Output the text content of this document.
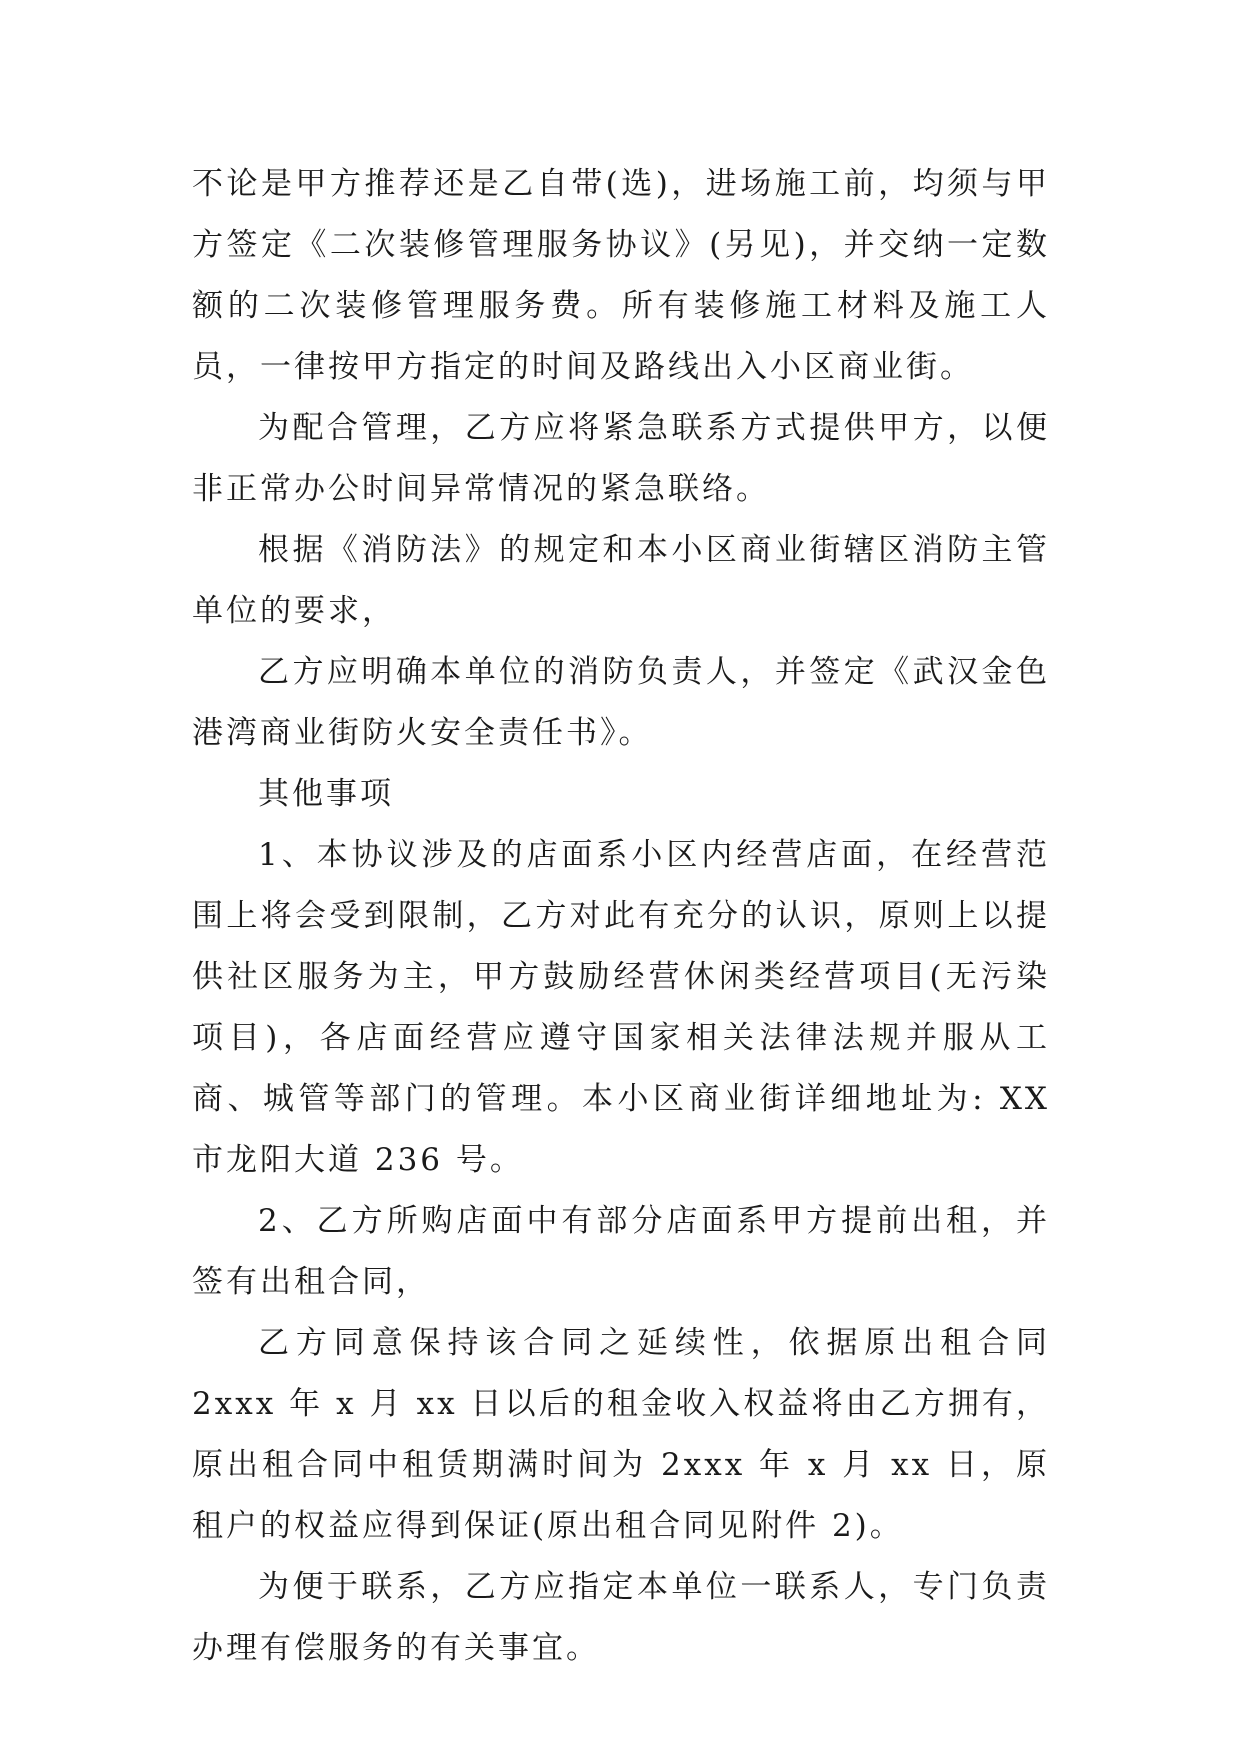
不论是甲方推荐还是乙自带(选)，进场施工前，均须与甲方签定《二次装修管理服务协议》(另见)，并交纳一定数额的二次装修管理服务费。所有装修施工材料及施工人员，一律按甲方指定的时间及路线出入小区商业街。

为配合管理，乙方应将紧急联系方式提供甲方，以便非正常办公时间异常情况的紧急联络。

根据《消防法》的规定和本小区商业街辖区消防主管单位的要求，

乙方应明确本单位的消防负责人，并签定《武汉金色港湾商业街防火安全责任书》。

其他事项

1、本协议涉及的店面系小区内经营店面，在经营范围上将会受到限制，乙方对此有充分的认识，原则上以提供社区服务为主，甲方鼓励经营休闲类经营项目(无污染项目)，各店面经营应遵守国家相关法律法规并服从工商、城管等部门的管理。本小区商业街详细地址为: XX 市龙阳大道 236 号。

2、乙方所购店面中有部分店面系甲方提前出租，并签有出租合同，

乙方同意保持该合同之延续性，依据原出租合同 2xxx 年 x 月 xx 日以后的租金收入权益将由乙方拥有，原出租合同中租赁期满时间为 2xxx 年 x 月 xx 日，原租户的权益应得到保证(原出租合同见附件 2)。

为便于联系，乙方应指定本单位一联系人，专门负责办理有偿服务的有关事宜。
